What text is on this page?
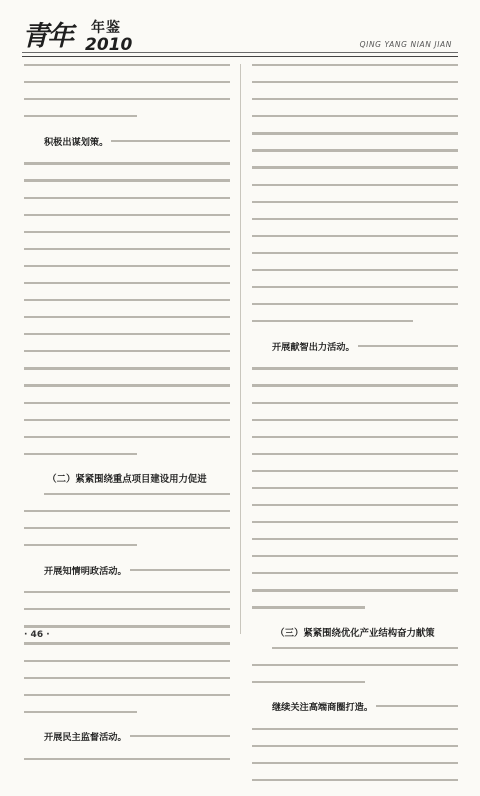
青年 年鉴
2010	QING YANG NIAN JIAN
积极出谋划策。
（二）紧紧围绕重点项目建设用力促进
开展知情明政活动。
开展民主监督活动。
开展献智出力活动。
（三）紧紧围绕优化产业结构奋力献策
继续关注高端商圈打造。
· 46 ·
